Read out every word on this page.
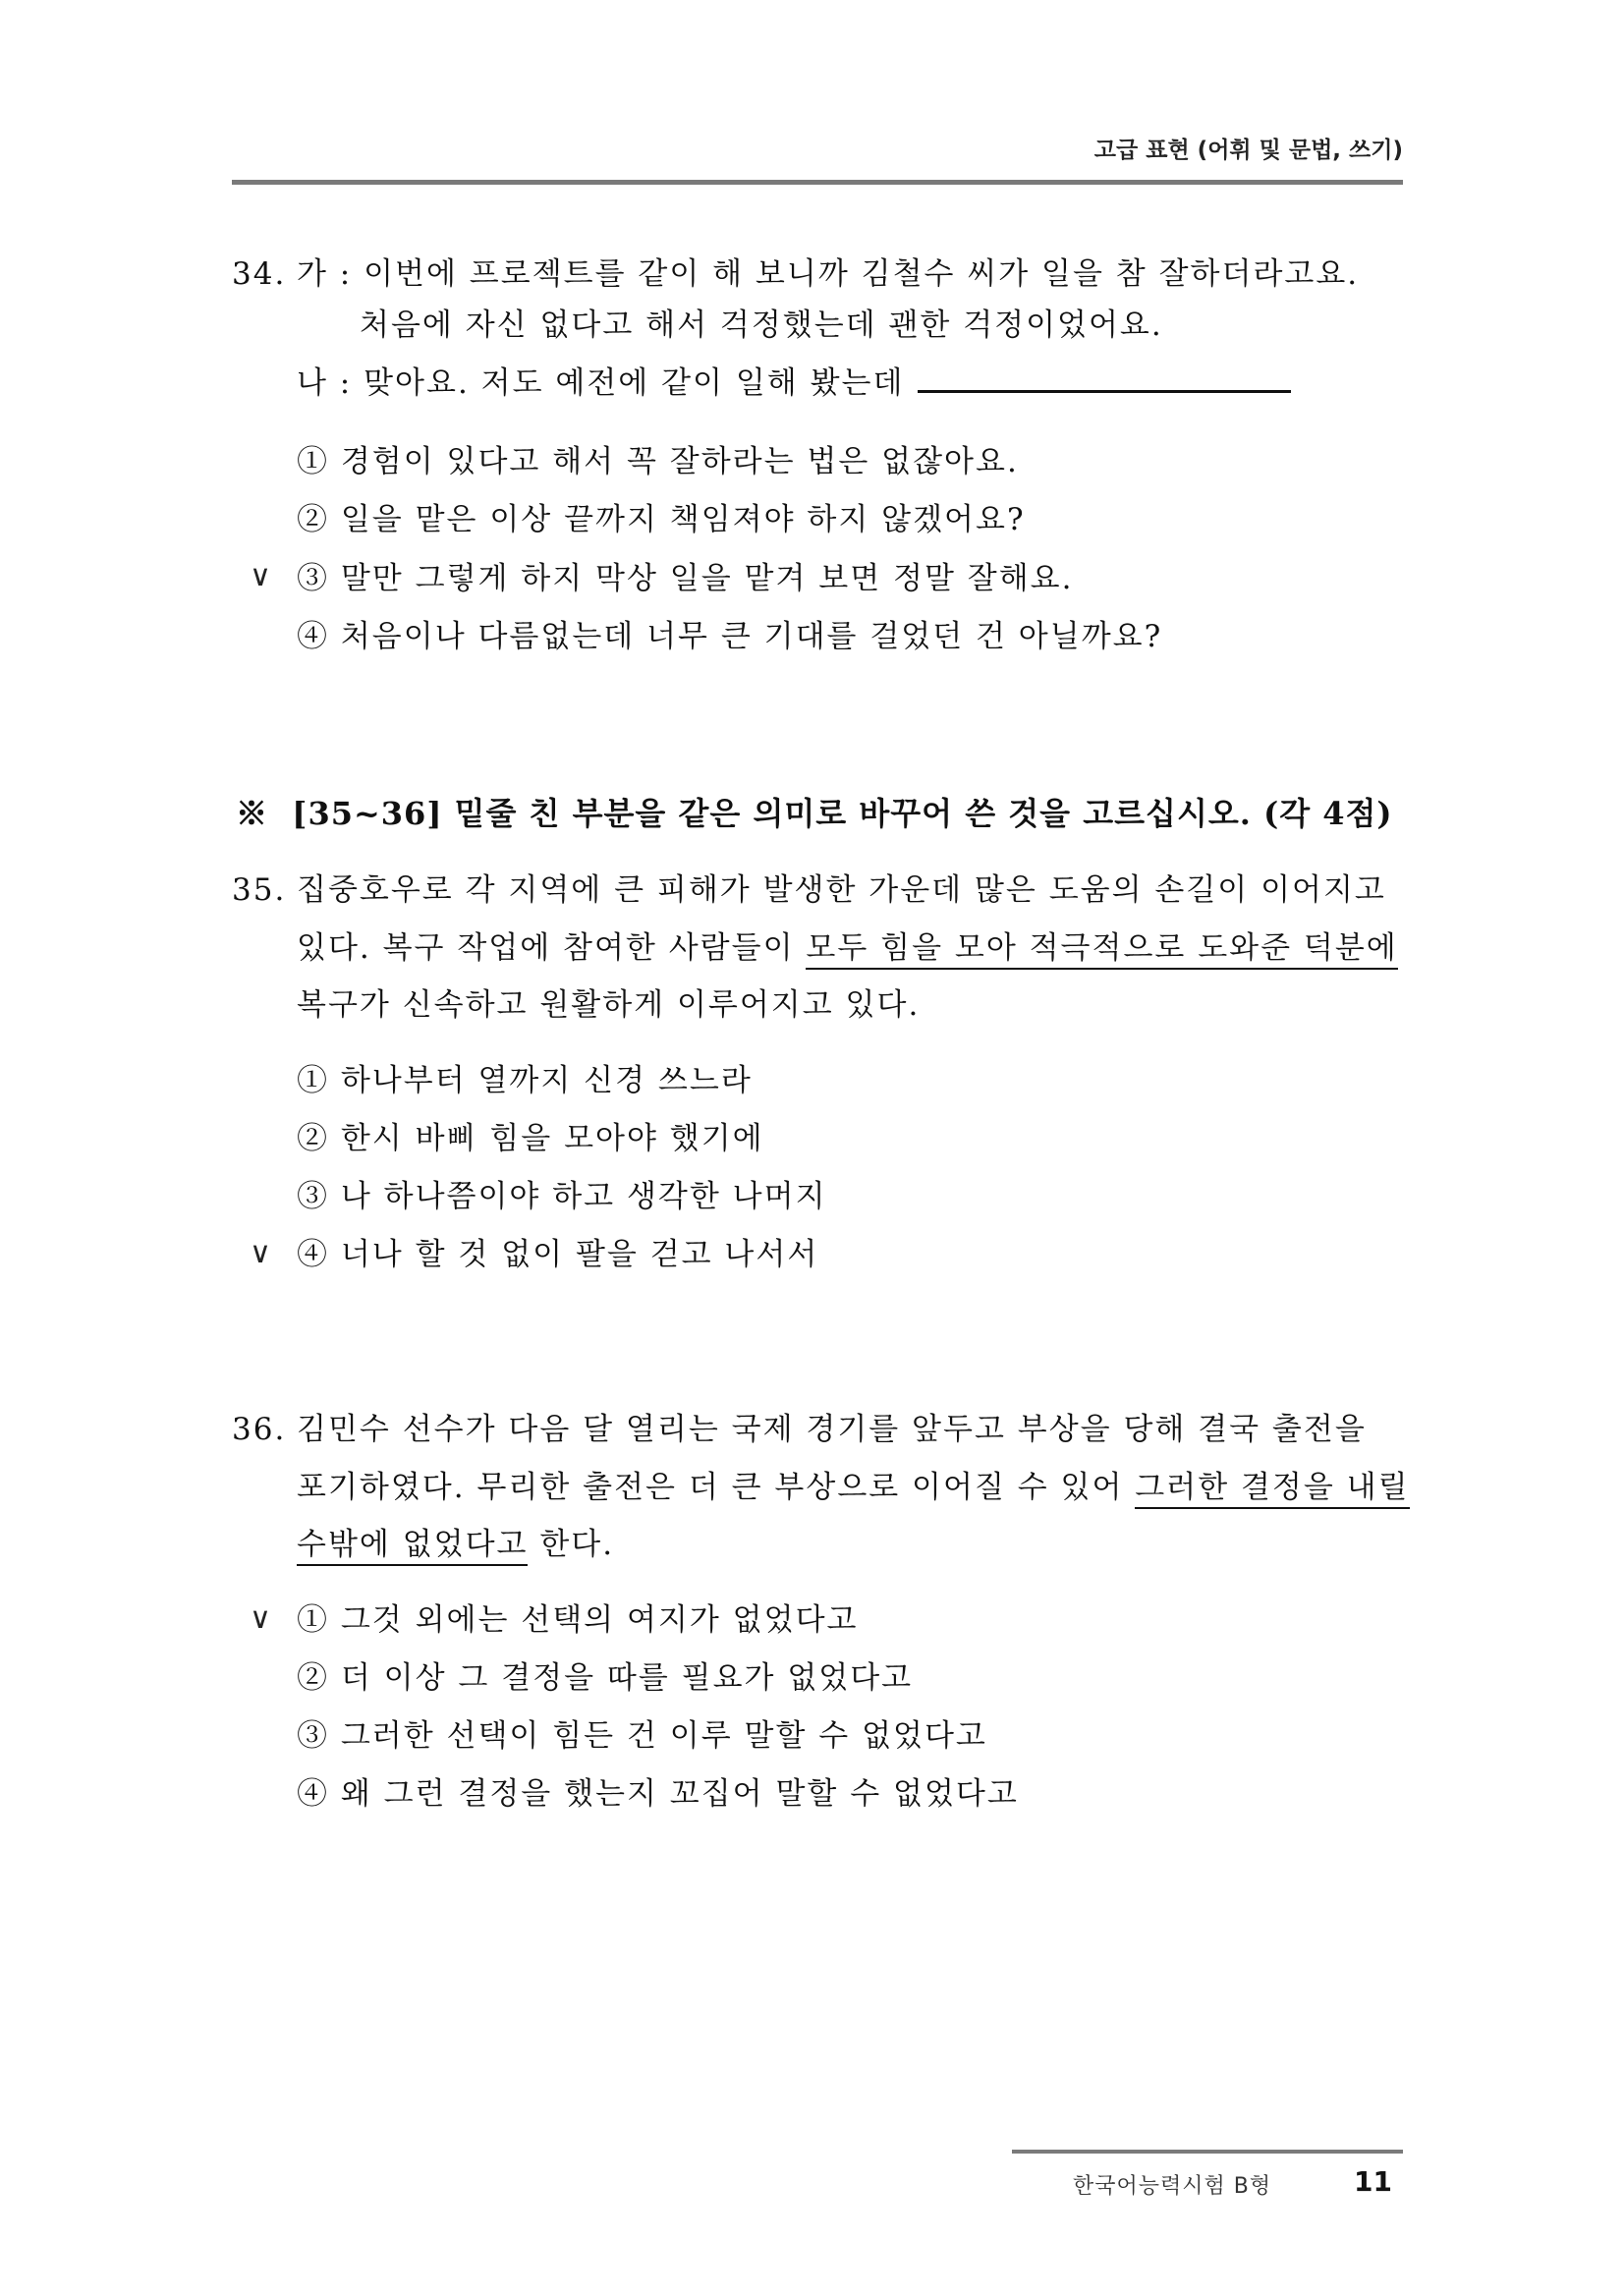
고급 표현 (어휘 및 문법, 쓰기)
34. 가 : 이번에 프로젝트를 같이 해 보니까 김철수 씨가 일을 참 잘하더라고요.
처음에 자신 없다고 해서 걱정했는데 괜한 걱정이었어요.
나 : 맞아요. 저도 예전에 같이 일해 봤는데
① 경험이 있다고 해서 꼭 잘하라는 법은 없잖아요.
② 일을 맡은 이상 끝까지 책임져야 하지 않겠어요?
∨ ③ 말만 그렇게 하지 막상 일을 맡겨 보면 정말 잘해요.
④ 처음이나 다름없는데 너무 큰 기대를 걸었던 건 아닐까요?
※ [35~36] 밑줄 친 부분을 같은 의미로 바꾸어 쓴 것을 고르십시오. (각 4점)
35. 집중호우로 각 지역에 큰 피해가 발생한 가운데 많은 도움의 손길이 이어지고
있다. 복구 작업에 참여한 사람들이 모두 힘을 모아 적극적으로 도와준 덕분에
복구가 신속하고 원활하게 이루어지고 있다.
① 하나부터 열까지 신경 쓰느라
② 한시 바삐 힘을 모아야 했기에
③ 나 하나쯤이야 하고 생각한 나머지
∨ ④ 너나 할 것 없이 팔을 걷고 나서서
36. 김민수 선수가 다음 달 열리는 국제 경기를 앞두고 부상을 당해 결국 출전을
포기하였다. 무리한 출전은 더 큰 부상으로 이어질 수 있어 그러한 결정을 내릴
수밖에 없었다고 한다.
∨ ① 그것 외에는 선택의 여지가 없었다고
② 더 이상 그 결정을 따를 필요가 없었다고
③ 그러한 선택이 힘든 건 이루 말할 수 없었다고
④ 왜 그런 결정을 했는지 꼬집어 말할 수 없었다고
한국어능력시험 B형	11
